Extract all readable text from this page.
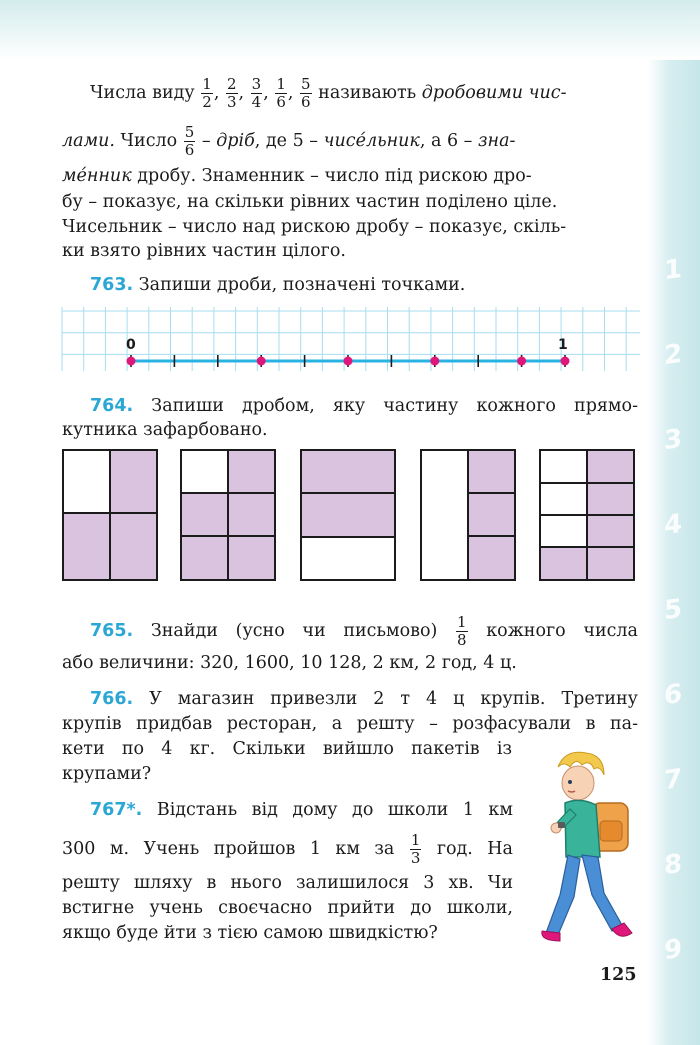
1
2
3
4
5
6
7
8
9
Числа виду $\frac{1}{2}$ , $\frac{2}{3}$ , $\frac{3}{4}$ , $\frac{1}{6}$ , $\frac{5}{6}$ називають дробовими чис-
лами. Число $\frac{5}{6}$ – дріб, де 5 – чисе́льник, а 6 – зна-
ме́нник дробу. Знаменник – число під рискою дро-
бу – показує, на скільки рівних частин поділено ціле.
Чисельник – число над рискою дробу – показує, скіль-
ки взято рівних частин цілого.
763. Запиши дроби, позначені точками.
0	1
764. Запиши дробом, яку частину кожного прямо-
кутника зафарбовано.
765. Знайди (усно чи письмово) $\frac{1}{8}$ кожного числа
або величини: 320, 1600, 10 128, 2 км, 2 год, 4 ц.
766. У магазин привезли 2 т 4 ц крупів. Третину
крупів придбав ресторан, а решту – розфасували в па-
кети по 4 кг. Скільки вийшло пакетів із
крупами?
767*. Відстань від дому до школи 1 км
300 м. Учень пройшов 1 км за $\frac{1}{3}$ год. На
решту шляху в нього залишилося 3 хв. Чи
встигне учень своєчасно прийти до школи,
якщо буде йти з тією самою швидкістю?
125
